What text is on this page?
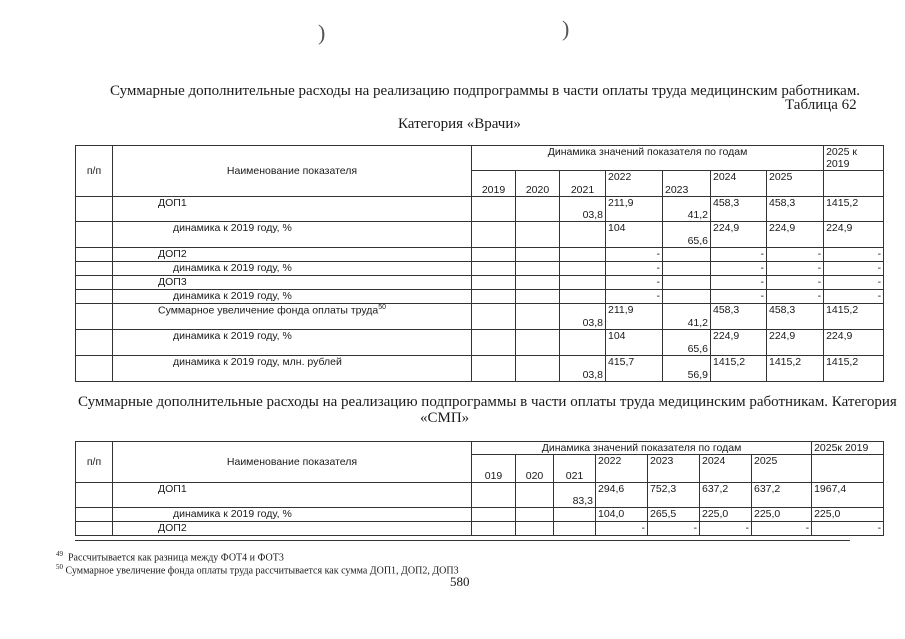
)	)
Суммарные дополнительные расходы на реализацию подпрограммы в части оплаты труда медицинским работникам.
Таблица 62
Категория «Врачи»
п/п	Наименование показателя	Динамика значений показателя по годам							2025 к 2019
		2019	2020	2021	2022	2023	2024	2025	
	ДОП1			03,8	211,9	41,2	458,3	458,3	1415,2
	динамика к 2019 году, %				104	65,6	224,9	224,9	224,9
	ДОП2				-		-	-	-
	динамика к 2019 году, %				-		-	-	-
	ДОП3				-		-	-	-
	динамика к 2019 году, %				-		-	-	-
	Суммарное увеличение фонда оплаты труда$^{50}$			03,8	211,9	41,2	458,3	458,3	1415,2
	динамика к 2019 году, %				104	65,6	224,9	224,9	224,9
	динамика к 2019 году, млн. рублей			03,8	415,7	56,9	1415,2	1415,2	1415,2
Суммарные дополнительные расходы на реализацию подпрограммы в части оплаты труда медицинским работникам. Категория
«СМП»
п/п	Наименование показателя	Динамика значений показателя по годам							2025к 2019
		019	020	021	2022	2023	2024	2025	
	ДОП1			83,3	294,6	752,3	637,2	637,2	1967,4
	динамика к 2019 году, %				104,0	265,5	225,0	225,0	225,0
	ДОП2				-	-	-	-	-
$^{49}$ Рассчитывается как разница между ФОТ4 и ФОТ3
$^{50}$ Суммарное увеличение фонда оплаты труда рассчитывается как сумма ДОП1, ДОП2, ДОП3
580
